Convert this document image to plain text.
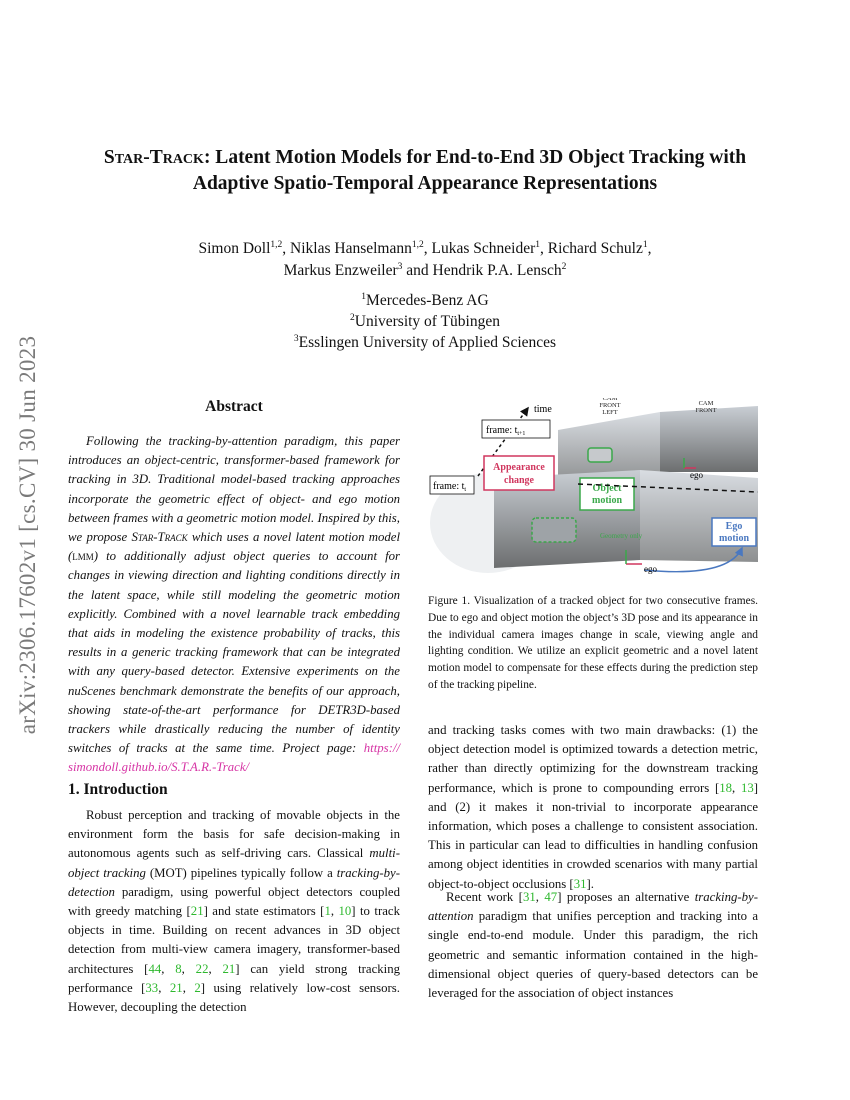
arXiv:2306.17602v1 [cs.CV] 30 Jun 2023
Star-Track: Latent Motion Models for End-to-End 3D Object Tracking with
Adaptive Spatio-Temporal Appearance Representations
Simon Doll$^{1,2}$, Niklas Hanselmann$^{1,2}$, Lukas Schneider$^1$, Richard Schulz$^1$,
Markus Enzweiler$^3$ and Hendrik P.A. Lensch$^2$
$^1$Mercedes-Benz AG
$^2$University of Tübingen
$^3$Esslingen University of Applied Sciences
Abstract
Following the tracking-by-attention paradigm, this paper introduces an object-centric, transformer-based framework for tracking in 3D. Traditional model-based tracking approaches incorporate the geometric effect of object- and ego motion between frames with a geometric motion model. Inspired by this, we propose Star-Track which uses a novel latent motion model (lmm) to additionally adjust object queries to account for changes in viewing direction and lighting conditions directly in the latent space, while still modeling the geometric motion explicitly. Combined with a novel learnable track embedding that aids in modeling the existence probability of tracks, this results in a generic tracking framework that can be integrated with any query-based detector. Extensive experiments on the nuScenes benchmark demonstrate the benefits of our approach, showing state-of-the-art performance for DETR3D-based trackers while drastically reducing the number of identity switches of tracks at the same time. Project page: https:// simondoll.github.io/S.T.A.R.-Track/
1. Introduction
Robust perception and tracking of movable objects in the environment form the basis for safe decision-making in autonomous agents such as self-driving cars. Classical multi-object tracking (MOT) pipelines typically follow a tracking-by-detection paradigm, using powerful object detectors coupled with greedy matching [21] and state estimators [1, 10] to track objects in time. Building on recent advances in 3D object detection from multi-view camera imagery, transformer-based architectures [44, 8, 22, 21] can yield strong tracking performance [33, 21, 2] using relatively low-cost sensors. However, decoupling the detection
and tracking tasks comes with two main drawbacks: (1) the object detection model is optimized towards a detection metric, rather than directly optimizing for the downstream tracking performance, which is prone to compounding errors [18, 13] and (2) it makes it non-trivial to incorporate appearance information, which poses a challenge to consistent association. This in particular can lead to difficulties in handling confusion among object identities in crowded scenarios with many partial object-to-object occlusions [31].
Recent work [31, 47] proposes an alternative tracking-by-attention paradigm that unifies perception and tracking into a single end-to-end module. Under this paradigm, the rich geometric and semantic information contained in the high-dimensional object queries of query-based detectors can be leveraged for the association of object instances
time
frame: $t_{t+1}$
frame: $t_t$
CAM FRONT LEFT
CAM FRONT
Appearance change
Object motion
Geometry only
Ego motion
ego
ego
Figure 1. Visualization of a tracked object for two consecutive frames. Due to ego and object motion the object’s 3D pose and its appearance in the individual camera images change in scale, viewing angle and lighting condition. We utilize an explicit geometric and a novel latent motion model to compensate for these effects during the prediction step of the tracking pipeline.
